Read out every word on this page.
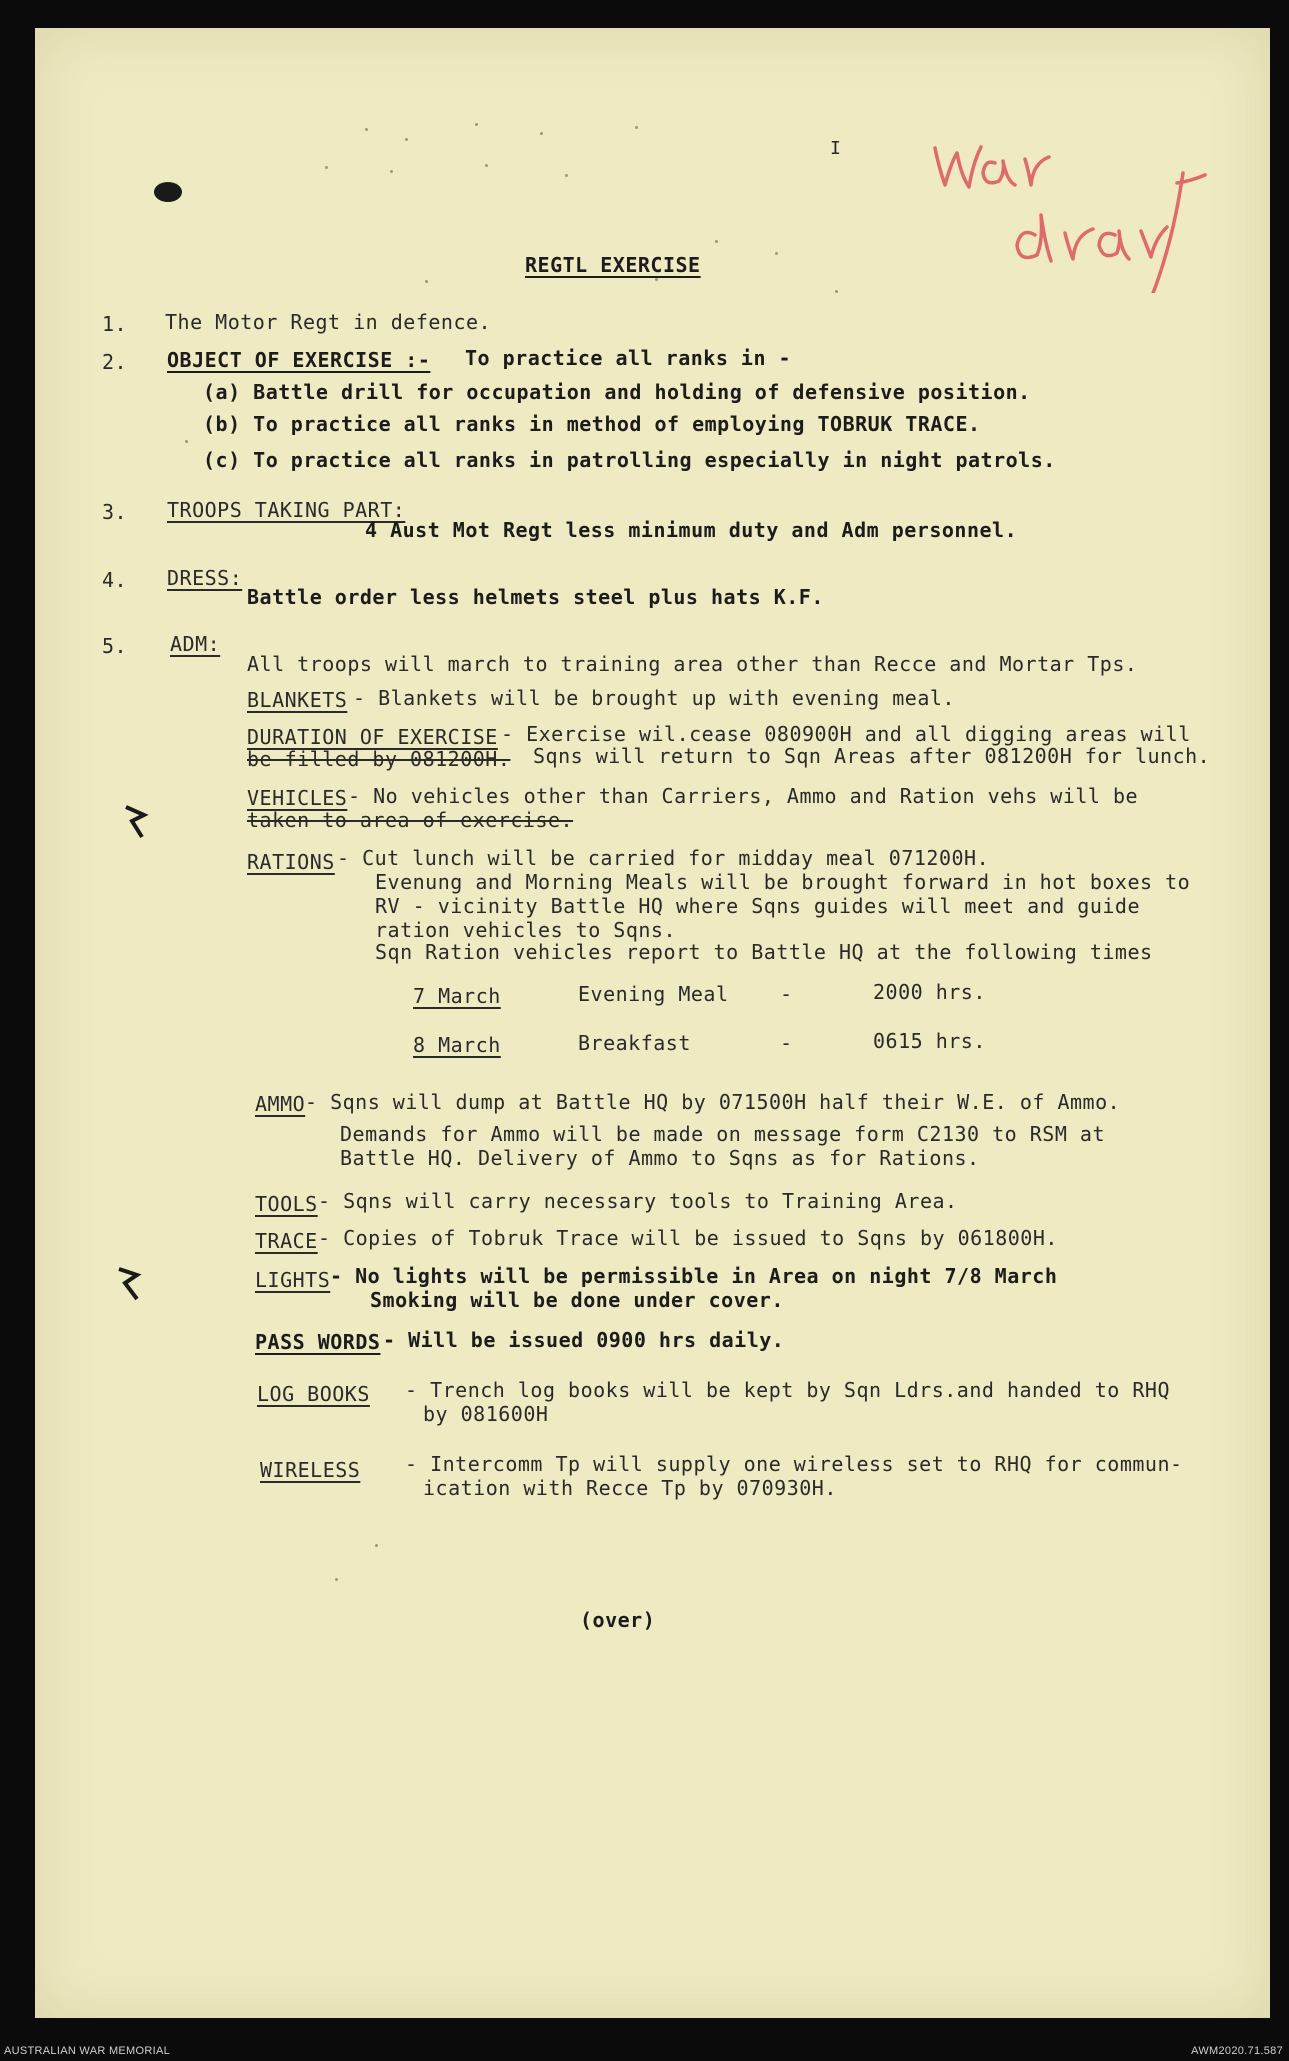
I
REGTL EXERCISE
1. The Motor Regt in defence.
2. OBJECT OF EXERCISE :- To practice all ranks in -
(a) Battle drill for occupation and holding of defensive position.
(b) To practice all ranks in method of employing TOBRUK TRACE.
(c) To practice all ranks in patrolling especially in night patrols.
3. TROOPS TAKING PART:
4 Aust Mot Regt less minimum duty and Adm personnel.
4. DRESS:
Battle order less helmets steel plus hats K.F.
5. ADM:
All troops will march to training area other than Recce and Mortar Tps.
BLANKETS - Blankets will be brought up with evening meal.
DURATION OF EXERCISE - Exercise wil.cease 080900H and all digging areas will
be filled by 081200H. Sqns will return to Sqn Areas after 081200H for lunch.
VEHICLES - No vehicles other than Carriers, Ammo and Ration vehs will be
taken to area of exercise.
RATIONS - Cut lunch will be carried for midday meal 071200H.
Evenung and Morning Meals will be brought forward in hot boxes to
RV - vicinity Battle HQ where Sqns guides will meet and guide
ration vehicles to Sqns.
Sqn Ration vehicles report to Battle HQ at the following times
7 March	Evening Meal	-	2000 hrs.
8 March	Breakfast	-	0615 hrs.
AMMO - Sqns will dump at Battle HQ by 071500H half their W.E. of Ammo.
Demands for Ammo will be made on message form C2130 to RSM at
Battle HQ. Delivery of Ammo to Sqns as for Rations.
TOOLS - Sqns will carry necessary tools to Training Area.
TRACE - Copies of Tobruk Trace will be issued to Sqns by 061800H.
LIGHTS - No lights will be permissible in Area on night 7/8 March
Smoking will be done under cover.
PASS WORDS - Will be issued 0900 hrs daily.
LOG BOOKS - Trench log books will be kept by Sqn Ldrs.and handed to RHQ
by 081600H
WIRELESS - Intercomm Tp will supply one wireless set to RHQ for commun-
ication with Recce Tp by 070930H.
(over)
AUSTRALIAN WAR MEMORIAL	AWM2020.71.587
